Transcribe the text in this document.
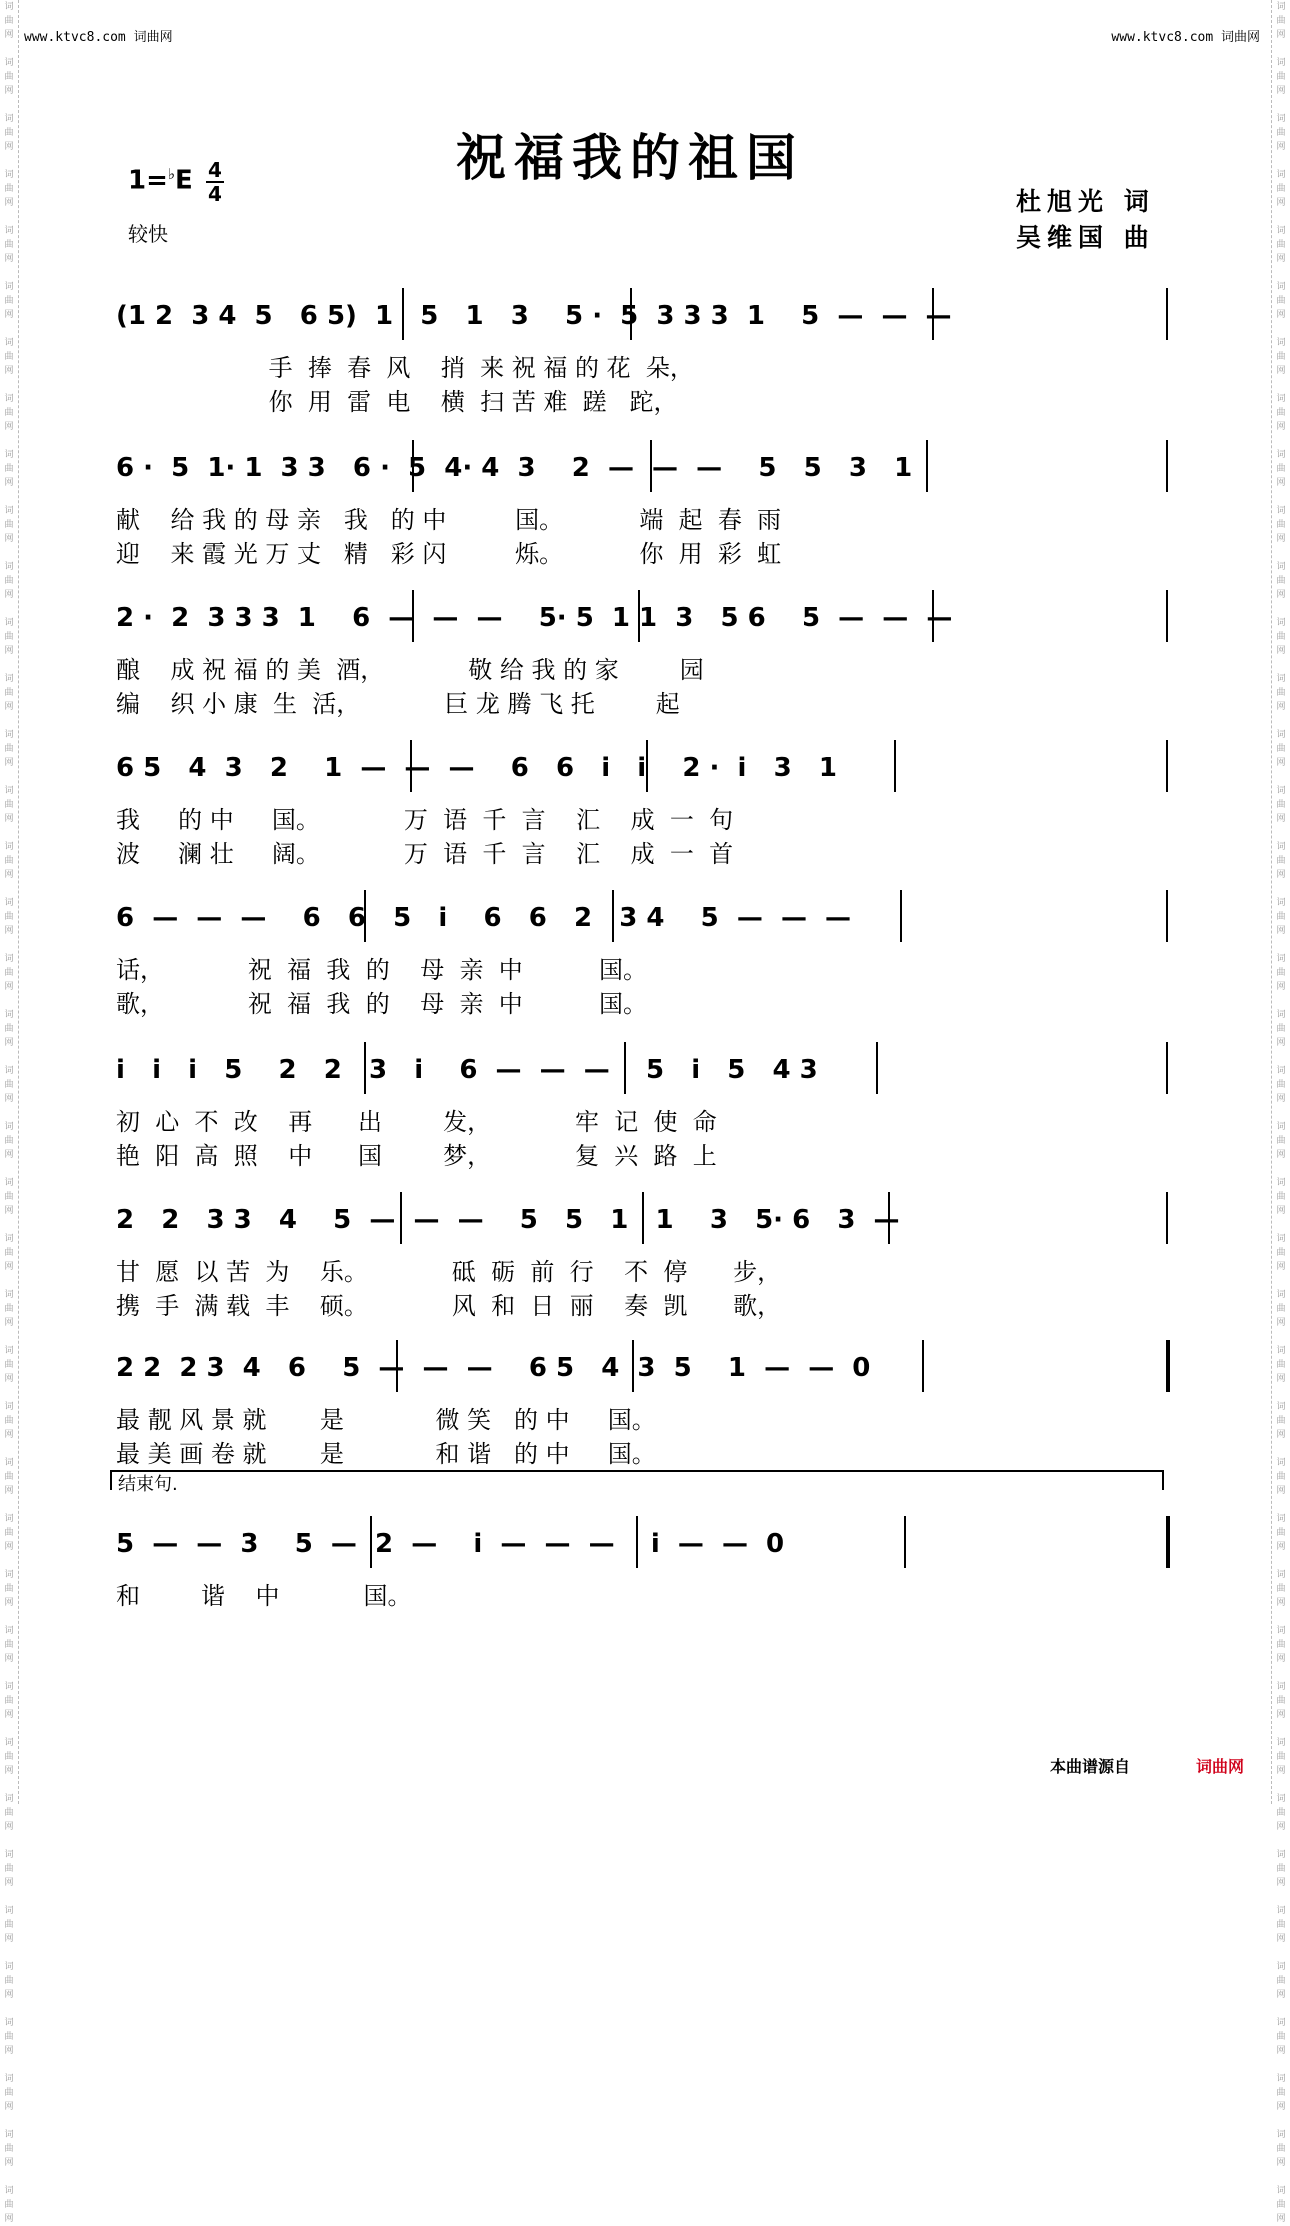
词
曲
网

词
曲
网

词
曲
网

词
曲
网

词
曲
网

词
曲
网

词
曲
网

词
曲
网

词
曲
网

词
曲
网

词
曲
网

词
曲
网

词
曲
网

词
曲
网

词
曲
网

词
曲
网

词
曲
网

词
曲
网

词
曲
网

词
曲
网

词
曲
网

词
曲
网

词
曲
网

词
曲
网

词
曲
网

词
曲
网

词
曲
网

词
曲
网

词
曲
网

词
曲
网

词
曲
网

词
曲
网

词
曲
网

词
曲
网

词
曲
网

词
曲
网

词
曲
网

词
曲
网

词
曲
网

词
曲
网

词
曲
网

词
曲
网

词
曲
网

词
曲
网

词
曲
网

词
曲
网

词
曲
网

词
曲
网

词
曲
网

词
曲
网

词
曲
网

词
曲
网

词
曲
网

词
曲
网

词
曲
网

词
曲
网

词
曲
网

词
曲
网

词
曲
网

词
曲
网

词
曲
网

词
曲
网

词
曲
网

词
曲
网

词
曲
网

词
曲
网

词
曲
网

词
曲
网

词
曲
网

词
曲
网

词
曲
网

词
曲
网

词
曲
网

词
曲
网

词
曲
网

词
曲
网

词
曲
网

词
曲
网

词
曲
网

词
曲
网

www.ktvc8.com 词曲网	www.ktvc8.com 词曲网
祝福我的祖国
1=♭E 4
4
较快
杜旭光 词
吴维国 曲
(1 2  3 4  5   6 5)  1   5   1   3    5 ·  5  3 3 3  1    5  —  —  —
手  捧  春  风    捎  来 祝 福 的 花  朵，
你  用  雷  电    横  扫 苦 难  蹉   跎，
6 ·  5  1· 1  3 3   6 ·  5  4· 4  3    2  —  —  —    5   5   3   1
献    给 我 的 母 亲   我   的 中         国。          端  起  春  雨
迎    来 霞 光 万 丈   精   彩 闪         烁。          你  用  彩  虹
2 ·  2  3 3 3  1    6  —  —  —    5· 5  1 1  3   5 6    5  —  —  —
酿    成 祝 福 的 美  酒，           敬 给 我 的 家        园
编    织 小 康  生  活，           巨 龙 腾 飞 托        起
6 5   4  3   2    1  —  —  —    6   6   i   i    2 ·  i   3   1
我     的 中     国。           万  语  千  言    汇    成  一  句
波     澜 壮     阔。           万  语  千  言    汇    成  一  首
6  —  —  —    6   6   5   i    6   6   2   3 4    5  —  —  —
话，           祝  福  我  的    母  亲  中          国。
歌，           祝  福  我  的    母  亲  中          国。
i   i   i   5    2   2   3   i    6  —  —  —    5   i   5   4 3
初  心  不  改    再      出        发，           牢  记  使  命
艳  阳  高  照    中      国        梦，           复  兴  路  上
2   2   3 3   4    5  —  —  —    5   5   1   1    3   5· 6   3  —
甘  愿  以 苦  为    乐。           砥  砺  前  行    不  停      步，
携  手  满 载  丰    硕。           风  和  日  丽    奏  凯      歌，
2 2  2 3  4   6    5  —  —  —    6 5   4  3  5    1  —  —  0
最 靓 风 景 就       是            微 笑   的 中     国。
最 美 画 卷 就       是            和 谐   的 中     国。
5  —  —  3    5  —  2  —    i  —  —  —    i  —  —  0
和        谐    中           国。
结束句.
本曲谱源自	词曲网
